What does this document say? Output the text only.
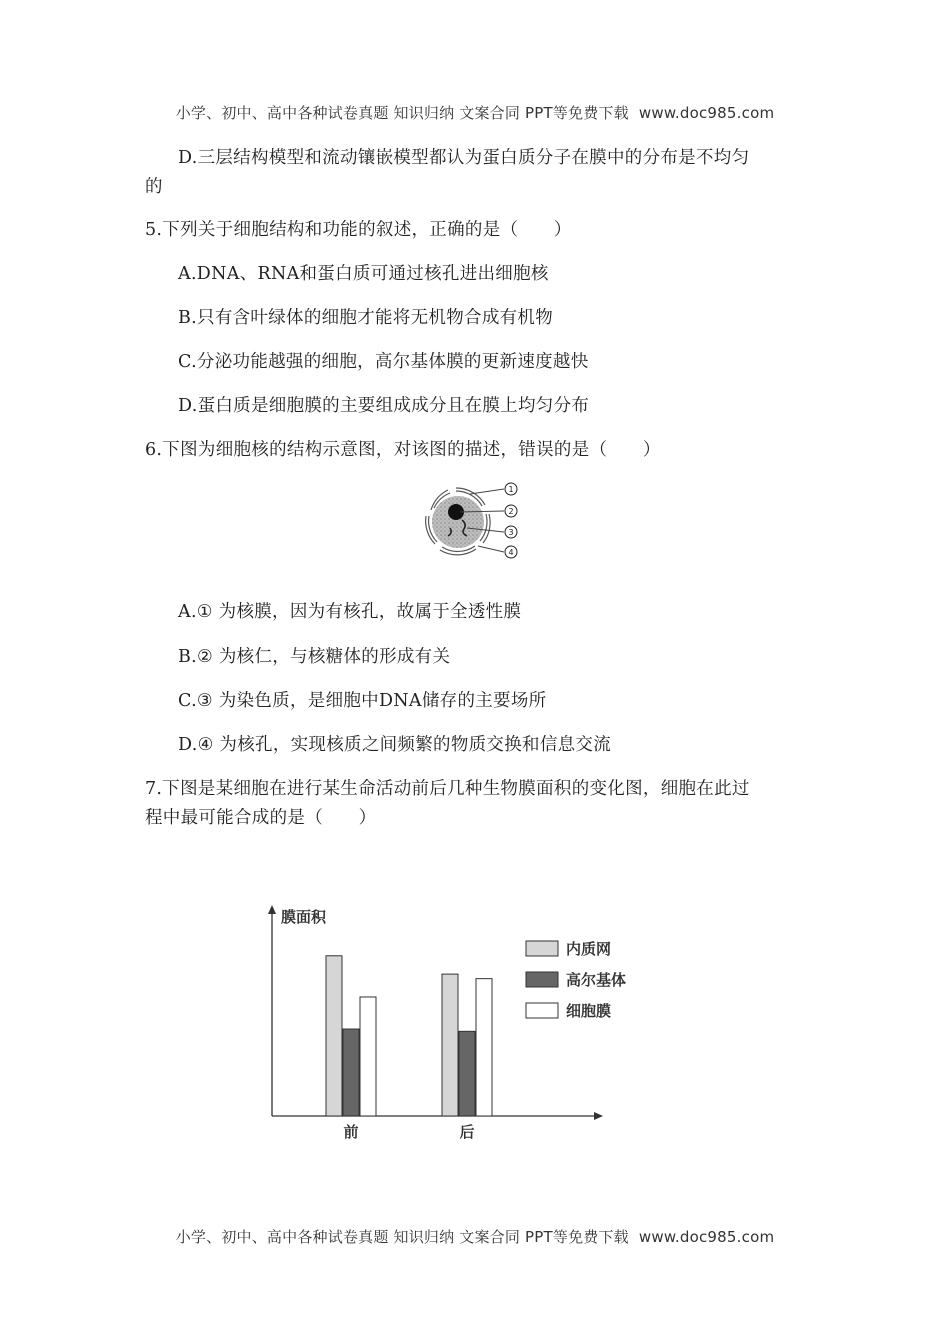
小学、初中、高中各种试卷真题 知识归纳 文案合同 PPT等免费下载 www.doc985.com
D.三层结构模型和流动镶嵌模型都认为蛋白质分子在膜中的分布是不均匀
的
5.下列关于细胞结构和功能的叙述，正确的是（　　）
A.DNA、RNA和蛋白质可通过核孔进出细胞核
B.只有含叶绿体的细胞才能将无机物合成有机物
C.分泌功能越强的细胞，高尔基体膜的更新速度越快
D.蛋白质是细胞膜的主要组成成分且在膜上均匀分布
6.下图为细胞核的结构示意图，对该图的描述，错误的是（　　）
1
2
3
4
A.① 为核膜，因为有核孔，故属于全透性膜
B.② 为核仁，与核糖体的形成有关
C.③ 为染色质，是细胞中DNA储存的主要场所
D.④ 为核孔，实现核质之间频繁的物质交换和信息交流
7.下图是某细胞在进行某生命活动前后几种生物膜面积的变化图，细胞在此过
程中最可能合成的是（　　）
膜面积
前	后
内质网
高尔基体
细胞膜
小学、初中、高中各种试卷真题 知识归纳 文案合同 PPT等免费下载 www.doc985.com
